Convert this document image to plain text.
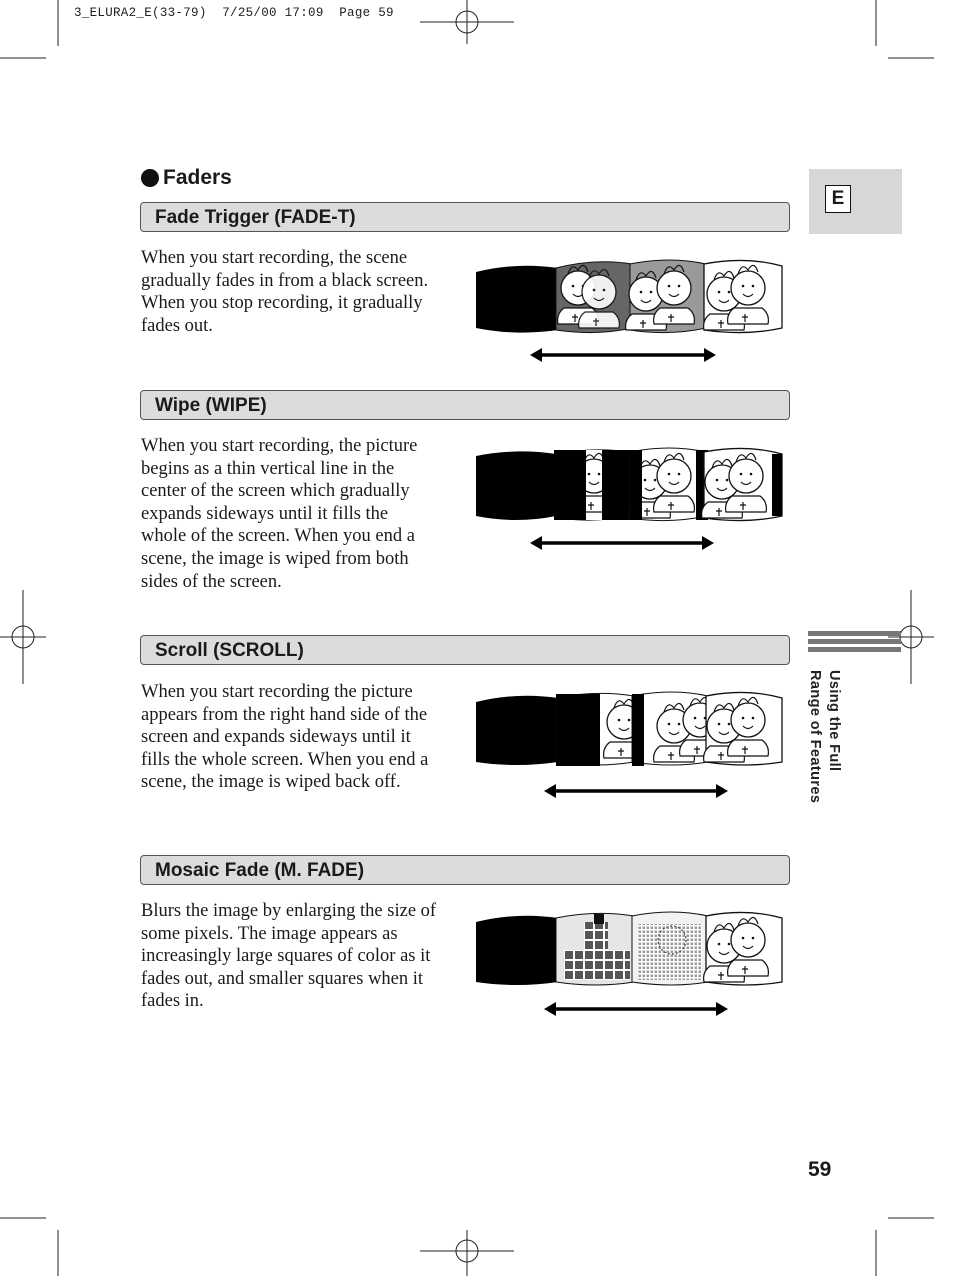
3_ELURA2_E(33-79)  7/25/00 17:09  Page 59
Faders
E
Using the Full
Range of Features
Fade Trigger (FADE-T)
When you start recording, the scene
gradually fades in from a black screen.
When you stop recording, it gradually
fades out.
Wipe (WIPE)
When you start recording, the picture
begins as a thin vertical line in the
center of the screen which gradually
expands sideways until it fills the
whole of the screen. When you end a
scene, the image is wiped from both
sides of the screen.
Scroll (SCROLL)
When you start recording the picture
appears from the right hand side of the
screen and expands sideways until it
fills the whole screen. When you end a
scene, the image is wiped back off.
Mosaic Fade (M. FADE)
Blurs the image by enlarging the size of
some pixels. The image appears as
increasingly large squares of color as it
fades out, and smaller squares when it
fades in.
59
